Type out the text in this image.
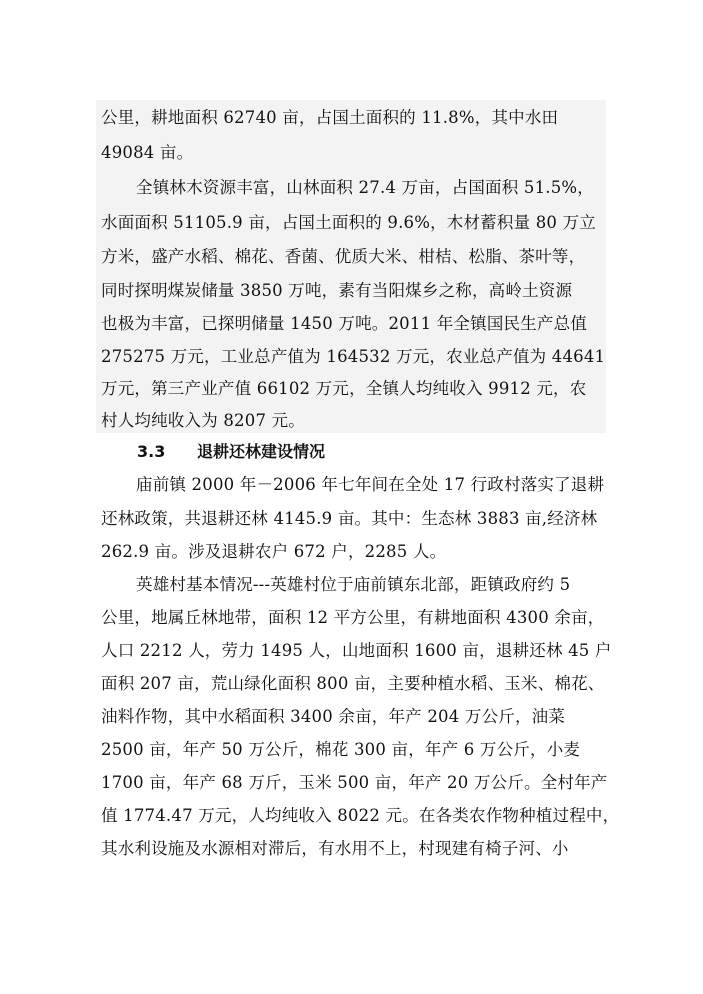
公里，耕地面积 62740 亩，占国土面积的 11.8%，其中水田
49084 亩。
全镇林木资源丰富，山林面积 27.4 万亩，占国面积 51.5%，
水面面积 51105.9 亩，占国土面积的 9.6%，木材蓄积量 80 万立
方米，盛产水稻、棉花、香菌、优质大米、柑桔、松脂、茶叶等，
同时探明煤炭储量 3850 万吨，素有当阳煤乡之称，高岭土资源
也极为丰富，已探明储量 1450 万吨。2011 年全镇国民生产总值
275275 万元，工业总产值为 164532 万元，农业总产值为 44641
万元，第三产业产值 66102 万元，全镇人均纯收入 9912 元，农
村人均纯收入为 8207 元。
3.3 退耕还林建设情况
庙前镇 2000 年－2006 年七年间在全处 17 行政村落实了退耕
还林政策，共退耕还林 4145.9 亩。其中：生态林 3883 亩,经济林
262.9 亩。涉及退耕农户 672 户，2285 人。
英雄村基本情况---英雄村位于庙前镇东北部，距镇政府约 5
公里，地属丘林地带，面积 12 平方公里，有耕地面积 4300 余亩，
人口 2212 人，劳力 1495 人，山地面积 1600 亩，退耕还林 45 户
面积 207 亩，荒山绿化面积 800 亩，主要种植水稻、玉米、棉花、
油料作物，其中水稻面积 3400 余亩，年产 204 万公斤，油菜
2500 亩，年产 50 万公斤，棉花 300 亩，年产 6 万公斤，小麦
1700 亩，年产 68 万斤，玉米 500 亩，年产 20 万公斤。全村年产
值 1774.47 万元，人均纯收入 8022 元。在各类农作物种植过程中，
其水利设施及水源相对滞后，有水用不上，村现建有椅子河、小
